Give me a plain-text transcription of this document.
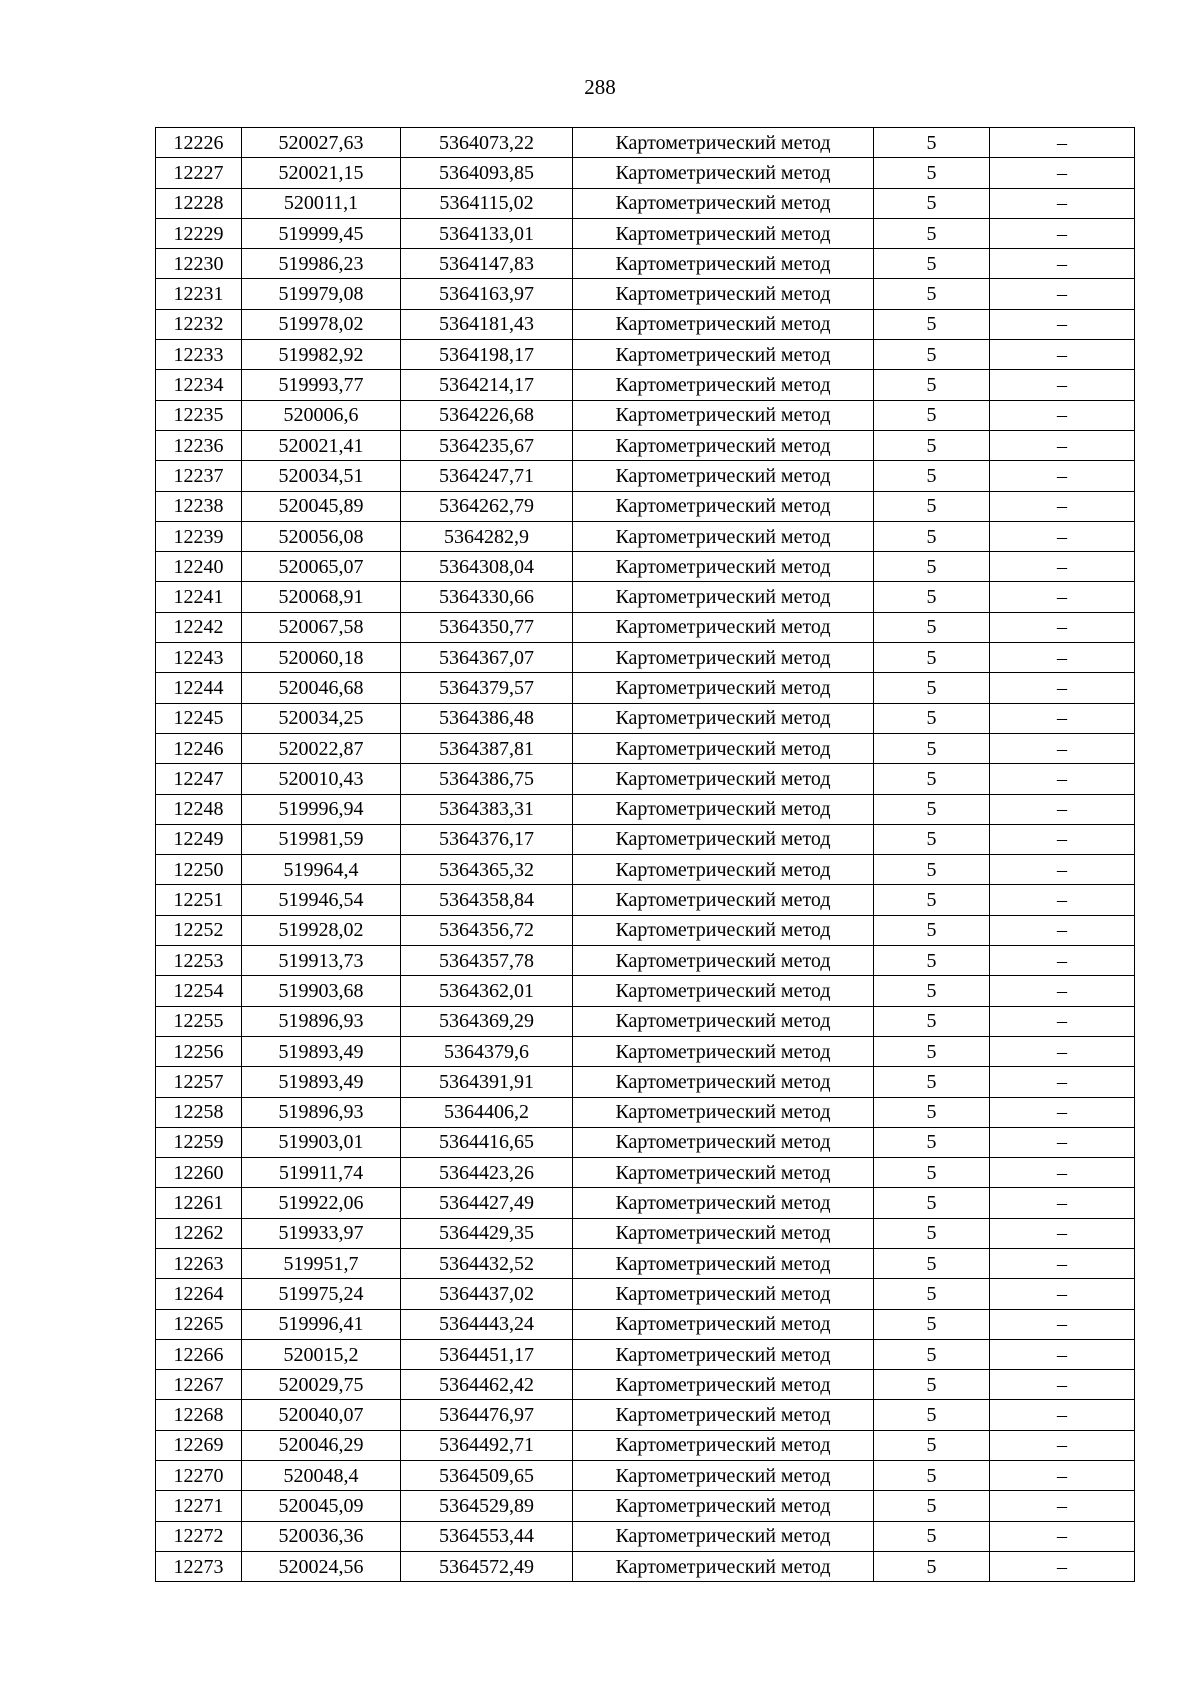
288
12226	520027,63	5364073,22	Картометрический метод	5	–
12227	520021,15	5364093,85	Картометрический метод	5	–
12228	520011,1	5364115,02	Картометрический метод	5	–
12229	519999,45	5364133,01	Картометрический метод	5	–
12230	519986,23	5364147,83	Картометрический метод	5	–
12231	519979,08	5364163,97	Картометрический метод	5	–
12232	519978,02	5364181,43	Картометрический метод	5	–
12233	519982,92	5364198,17	Картометрический метод	5	–
12234	519993,77	5364214,17	Картометрический метод	5	–
12235	520006,6	5364226,68	Картометрический метод	5	–
12236	520021,41	5364235,67	Картометрический метод	5	–
12237	520034,51	5364247,71	Картометрический метод	5	–
12238	520045,89	5364262,79	Картометрический метод	5	–
12239	520056,08	5364282,9	Картометрический метод	5	–
12240	520065,07	5364308,04	Картометрический метод	5	–
12241	520068,91	5364330,66	Картометрический метод	5	–
12242	520067,58	5364350,77	Картометрический метод	5	–
12243	520060,18	5364367,07	Картометрический метод	5	–
12244	520046,68	5364379,57	Картометрический метод	5	–
12245	520034,25	5364386,48	Картометрический метод	5	–
12246	520022,87	5364387,81	Картометрический метод	5	–
12247	520010,43	5364386,75	Картометрический метод	5	–
12248	519996,94	5364383,31	Картометрический метод	5	–
12249	519981,59	5364376,17	Картометрический метод	5	–
12250	519964,4	5364365,32	Картометрический метод	5	–
12251	519946,54	5364358,84	Картометрический метод	5	–
12252	519928,02	5364356,72	Картометрический метод	5	–
12253	519913,73	5364357,78	Картометрический метод	5	–
12254	519903,68	5364362,01	Картометрический метод	5	–
12255	519896,93	5364369,29	Картометрический метод	5	–
12256	519893,49	5364379,6	Картометрический метод	5	–
12257	519893,49	5364391,91	Картометрический метод	5	–
12258	519896,93	5364406,2	Картометрический метод	5	–
12259	519903,01	5364416,65	Картометрический метод	5	–
12260	519911,74	5364423,26	Картометрический метод	5	–
12261	519922,06	5364427,49	Картометрический метод	5	–
12262	519933,97	5364429,35	Картометрический метод	5	–
12263	519951,7	5364432,52	Картометрический метод	5	–
12264	519975,24	5364437,02	Картометрический метод	5	–
12265	519996,41	5364443,24	Картометрический метод	5	–
12266	520015,2	5364451,17	Картометрический метод	5	–
12267	520029,75	5364462,42	Картометрический метод	5	–
12268	520040,07	5364476,97	Картометрический метод	5	–
12269	520046,29	5364492,71	Картометрический метод	5	–
12270	520048,4	5364509,65	Картометрический метод	5	–
12271	520045,09	5364529,89	Картометрический метод	5	–
12272	520036,36	5364553,44	Картометрический метод	5	–
12273	520024,56	5364572,49	Картометрический метод	5	–
